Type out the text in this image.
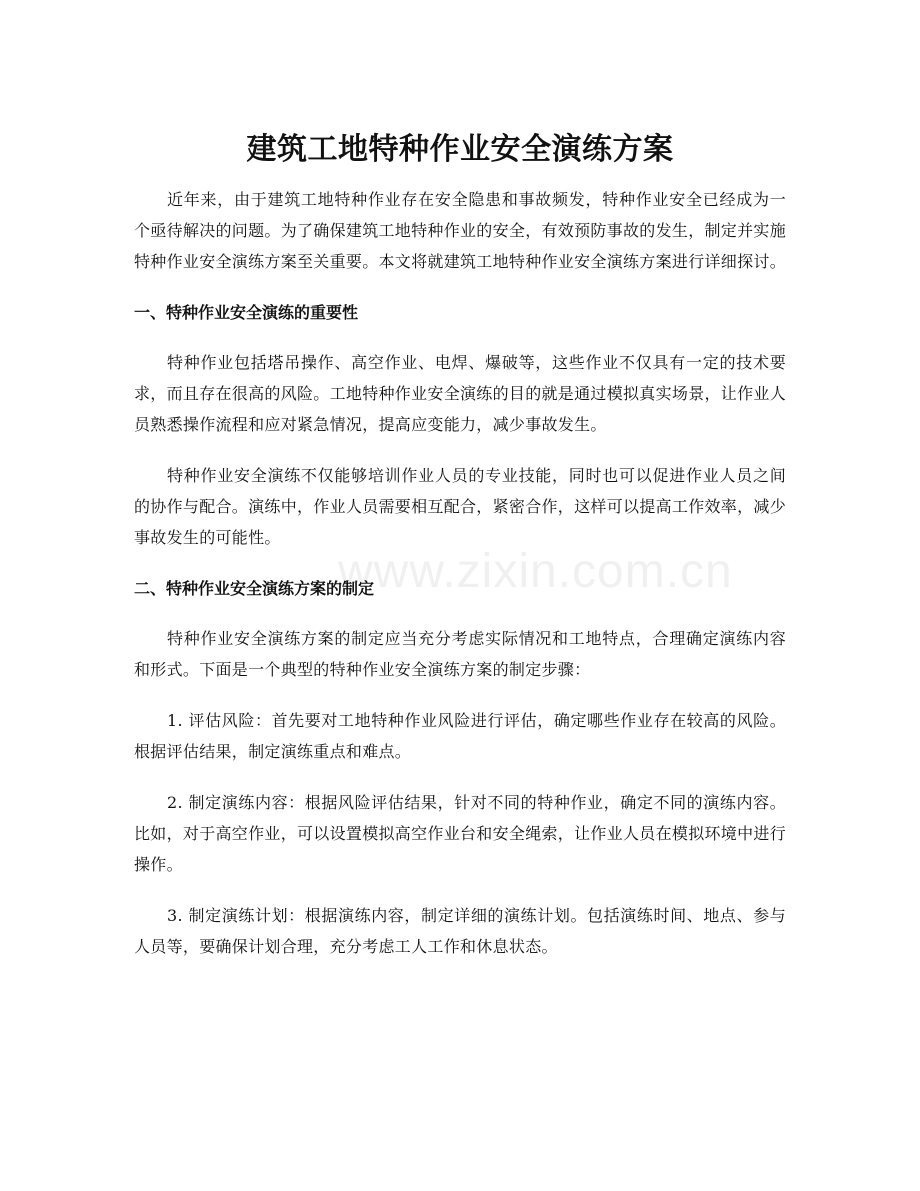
www.zixin.com.cn
建筑工地特种作业安全演练方案

近年来，由于建筑工地特种作业存在安全隐患和事故频发，特种作业安全已经成为一个亟待解决的问题。为了确保建筑工地特种作业的安全，有效预防事故的发生，制定并实施特种作业安全演练方案至关重要。本文将就建筑工地特种作业安全演练方案进行详细探讨。

一、特种作业安全演练的重要性

特种作业包括塔吊操作、高空作业、电焊、爆破等，这些作业不仅具有一定的技术要求，而且存在很高的风险。工地特种作业安全演练的目的就是通过模拟真实场景，让作业人员熟悉操作流程和应对紧急情况，提高应变能力，减少事故发生。

特种作业安全演练不仅能够培训作业人员的专业技能，同时也可以促进作业人员之间的协作与配合。演练中，作业人员需要相互配合，紧密合作，这样可以提高工作效率，减少事故发生的可能性。

二、特种作业安全演练方案的制定

特种作业安全演练方案的制定应当充分考虑实际情况和工地特点，合理确定演练内容和形式。下面是一个典型的特种作业安全演练方案的制定步骤：

1. 评估风险：首先要对工地特种作业风险进行评估，确定哪些作业存在较高的风险。根据评估结果，制定演练重点和难点。

2. 制定演练内容：根据风险评估结果，针对不同的特种作业，确定不同的演练内容。比如，对于高空作业，可以设置模拟高空作业台和安全绳索，让作业人员在模拟环境中进行操作。

3. 制定演练计划：根据演练内容，制定详细的演练计划。包括演练时间、地点、参与人员等，要确保计划合理，充分考虑工人工作和休息状态。
